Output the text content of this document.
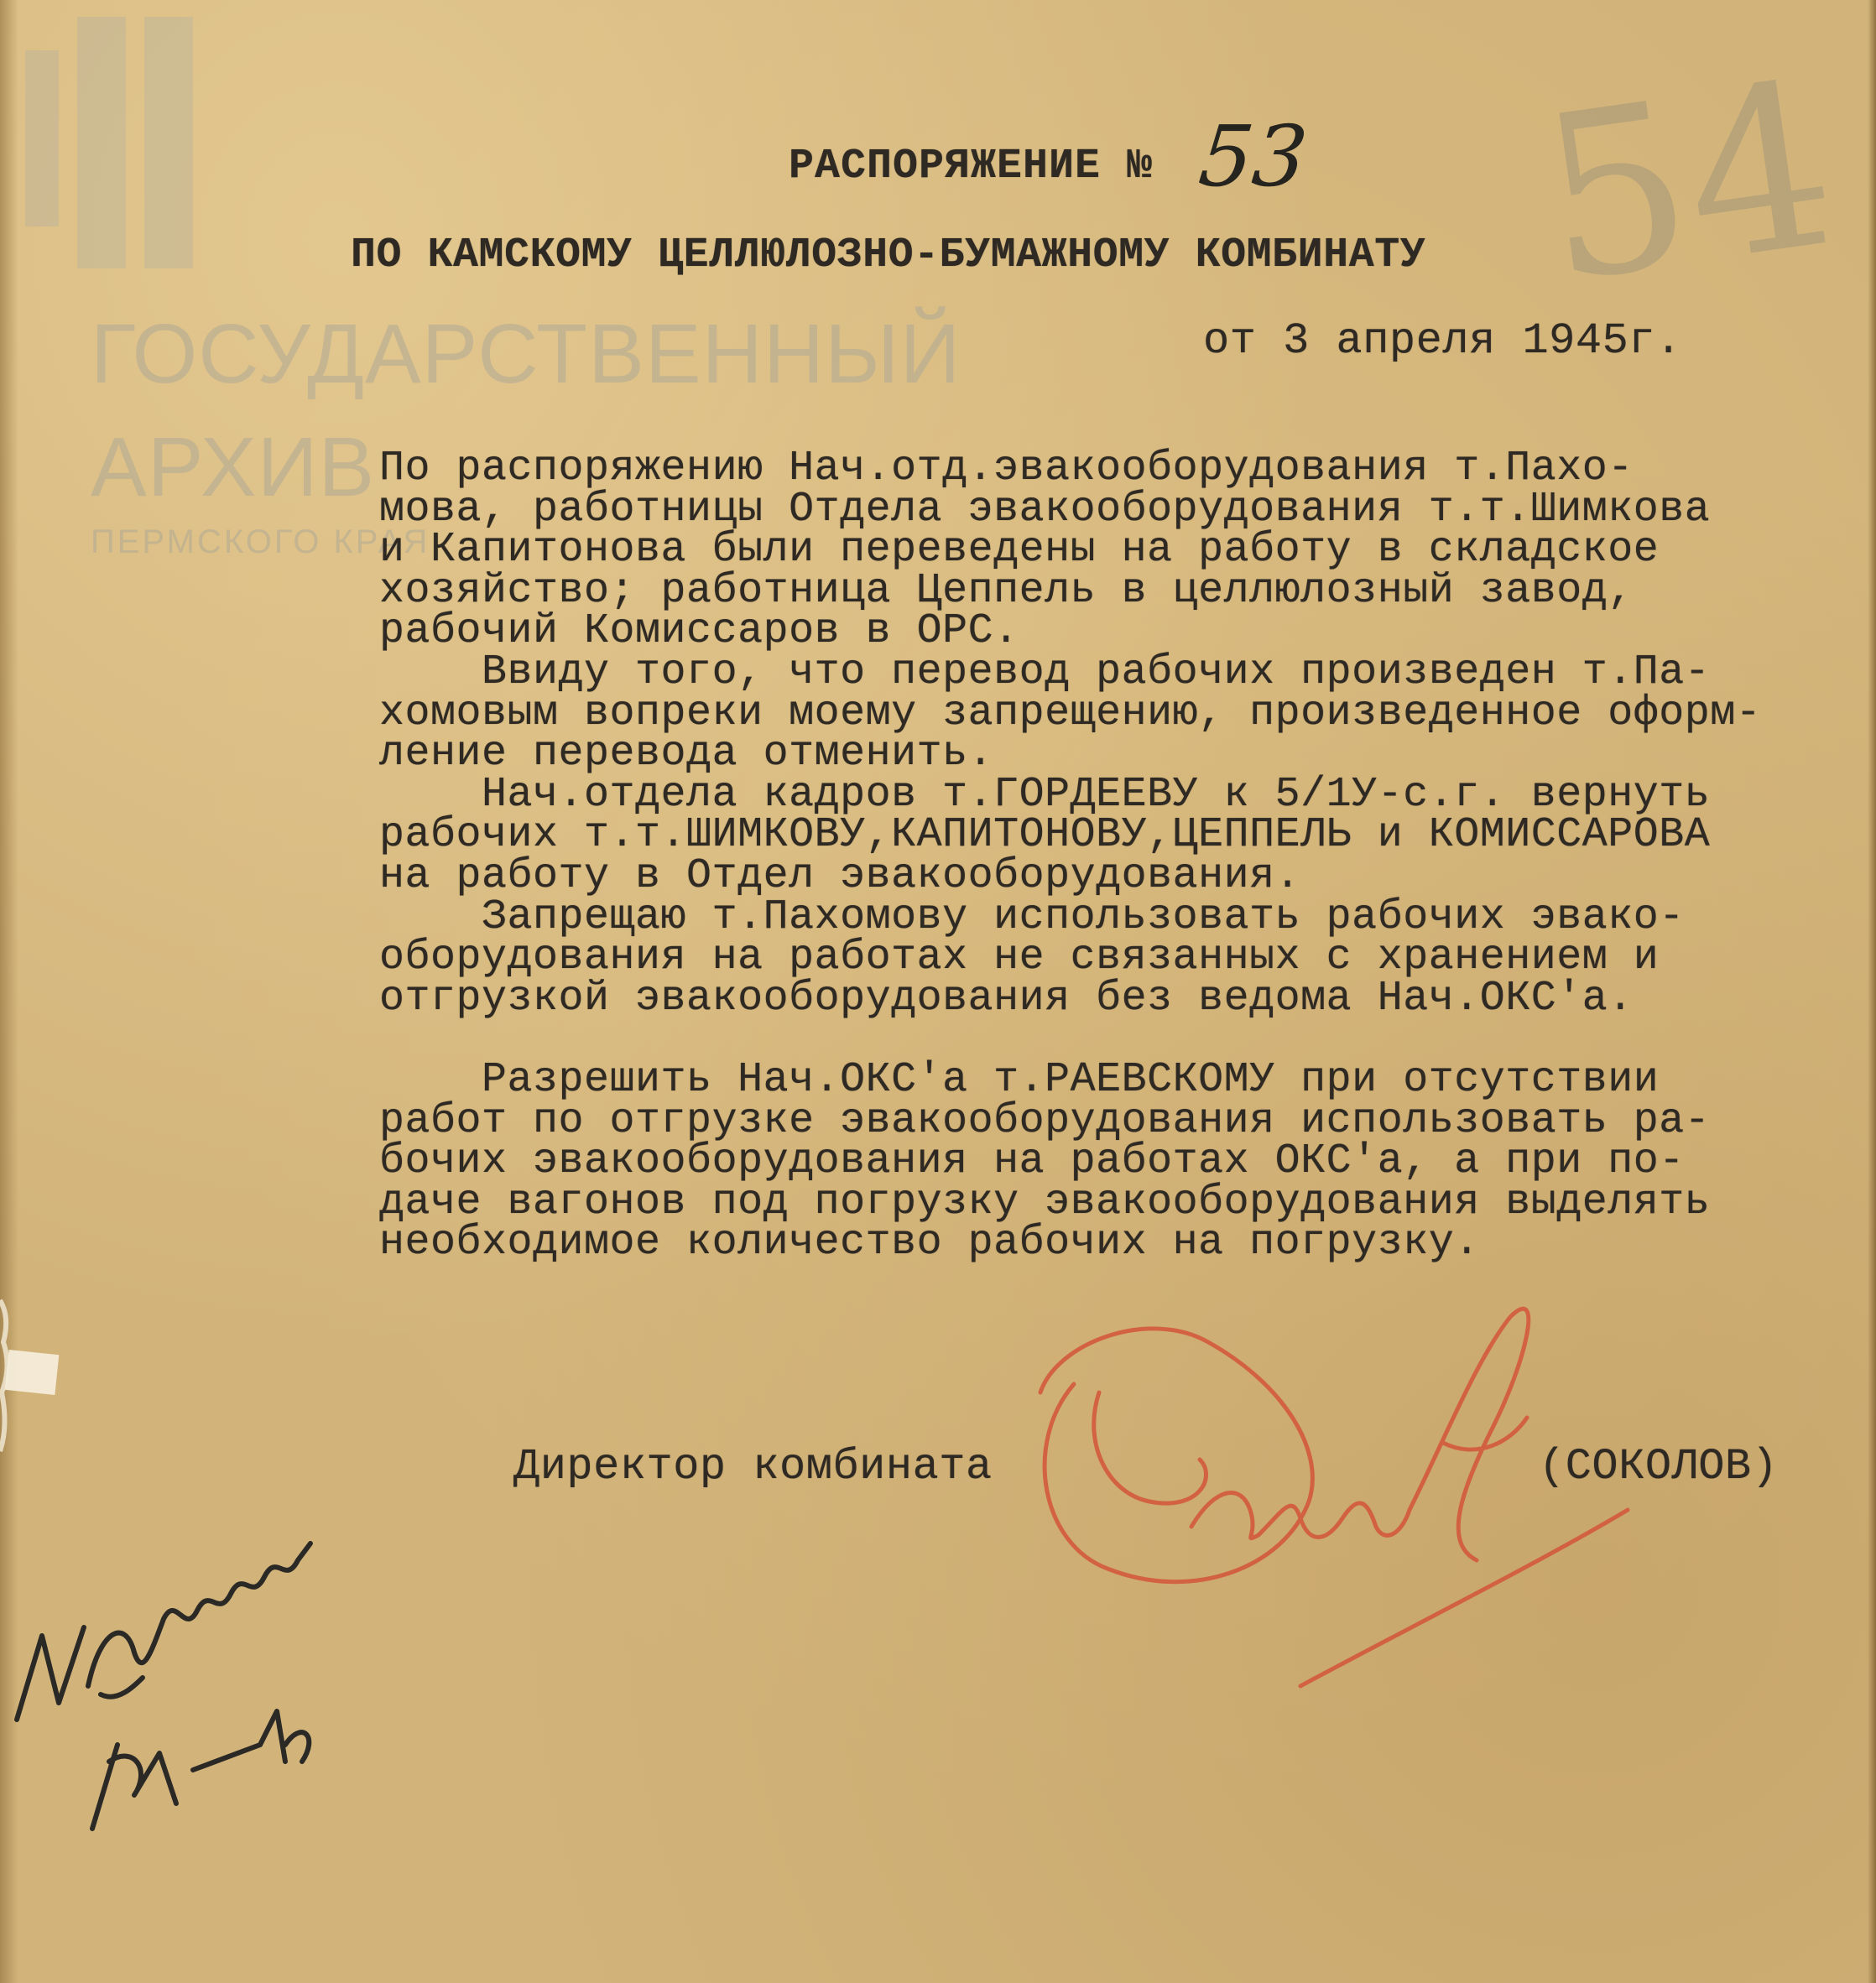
ГОСУДАРСТВЕННЫЙ
АРХИВ
ПЕРМСКОГО КРАЯ
54
РАСПОРЯЖЕНИЕ № 53
ПО КАМСКОМУ ЦЕЛЛЮЛОЗНО-БУМАЖНОМУ КОМБИНАТУ
от 3 апреля 1945г.
По распоряжению Нач.отд.эвакооборудования т.Пахо-
мова, работницы Отдела эвакооборудования т.т.Шимкова
и Капитонова были переведены на работу в складское
хозяйство; работница Цеппель в целлюлозный завод,
рабочий Комиссаров в ОРС.
Ввиду того, что перевод рабочих произведен т.Па-
хомовым вопреки моему запрещению, произведенное оформ-
ление перевода отменить.
Нач.отдела кадров т.ГОРДЕЕВУ к 5/1У-с.г. вернуть
рабочих т.т.ШИМКОВУ,КАПИТОНОВУ,ЦЕППЕЛЬ и КОМИССАРОВА
на работу в Отдел эвакооборудования.
Запрещаю т.Пахомову использовать рабочих эвако-
оборудования на работах не связанных с хранением и
отгрузкой эвакооборудования без ведома Нач.ОКС'а.

Разрешить Нач.ОКС'а т.РАЕВСКОМУ при отсутствии
работ по отгрузке эвакооборудования использовать ра-
бочих эвакооборудования на работах ОКС'а, а при по-
даче вагонов под погрузку эвакооборудования выделять
необходимое количество рабочих на погрузку.
Директор комбината	(СОКОЛОВ)
